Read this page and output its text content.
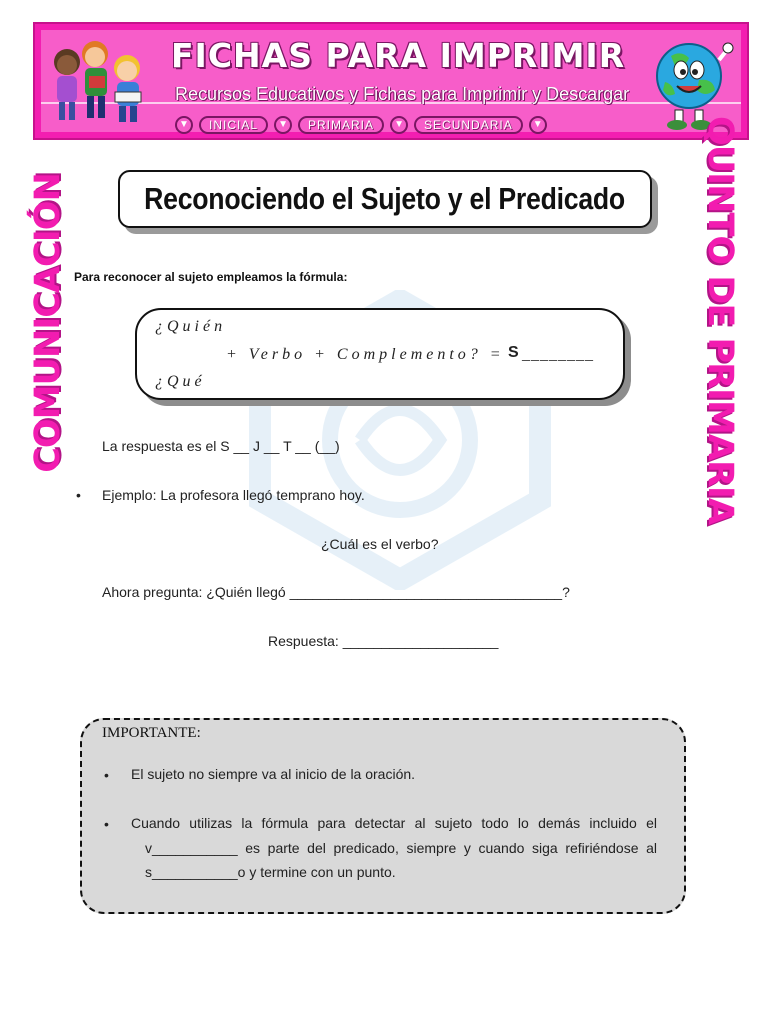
FICHAS PARA IMPRIMIR
Recursos Educativos y Fichas para Imprimir y Descargar
▼	INICIAL	▼	PRIMARIA	▼	SECUNDARIA	▼
COMUNICACIÓN	QUINTO DE PRIMARIA
Reconociendo el Sujeto y el Predicado
Para reconocer al sujeto empleamos la fórmula:
¿Quién
+ Verbo + Complemento? = S ________
¿Qué
La respuesta es el S __ J __ T __ (__)
• Ejemplo: La profesora llegó temprano hoy.
¿Cuál es el verbo?
Ahora pregunta: ¿Quién llegó ___________________________________?
Respuesta: ____________________
IMPORTANTE:
• El sujeto no siempre va al inicio de la oración.
• Cuando utilizas la fórmula para detectar al sujeto todo lo demás incluido el v___________ es parte del predicado, siempre y cuando siga refiriéndose al s___________o y termine con un punto.
